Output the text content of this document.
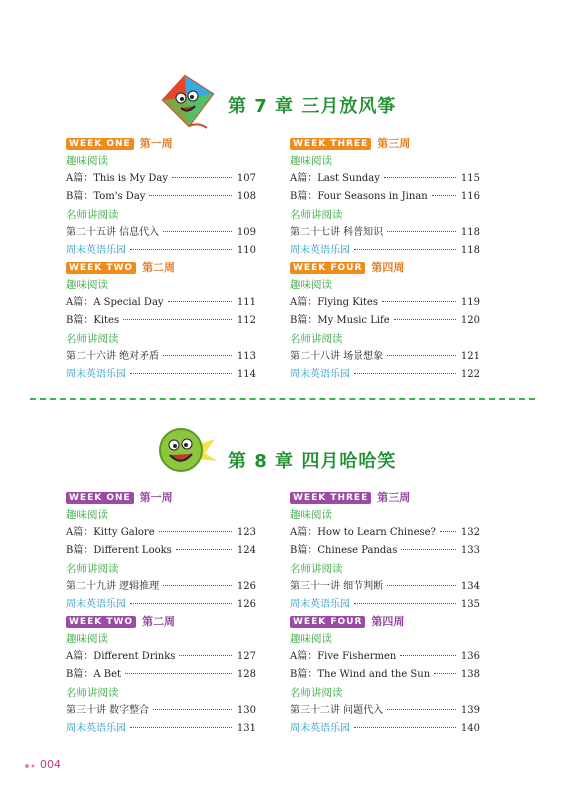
第 7 章 三月放风筝
WEEK ONE 第一周
趣味阅读
A篇：This is My Day	107
B篇：Tom's Day	108
名师讲阅读
第二十五讲 信息代入	109
周末英语乐园	110
WEEK TWO 第二周
趣味阅读
A篇：A Special Day	111
B篇：Kites	112
名师讲阅读
第二十六讲 绝对矛盾	113
周末英语乐园	114
WEEK THREE 第三周
趣味阅读
A篇：Last Sunday	115
B篇：Four Seasons in Jinan	116
名师讲阅读
第二十七讲 科普知识	118
周末英语乐园	118
WEEK FOUR 第四周
趣味阅读
A篇：Flying Kites	119
B篇：My Music Life	120
名师讲阅读
第二十八讲 场景想象	121
周末英语乐园	122
第 8 章 四月哈哈笑
WEEK ONE 第一周
趣味阅读
A篇：Kitty Galore	123
B篇：Different Looks	124
名师讲阅读
第二十九讲 逻辑推理	126
周末英语乐园	126
WEEK TWO 第二周
趣味阅读
A篇：Different Drinks	127
B篇：A Bet	128
名师讲阅读
第三十讲 数字整合	130
周末英语乐园	131
WEEK THREE 第三周
趣味阅读
A篇：How to Learn Chinese?	132
B篇：Chinese Pandas	133
名师讲阅读
第三十一讲 细节判断	134
周末英语乐园	135
WEEK FOUR 第四周
趣味阅读
A篇：Five Fishermen	136
B篇：The Wind and the Sun	138
名师讲阅读
第三十二讲 问题代入	139
周末英语乐园	140
004
